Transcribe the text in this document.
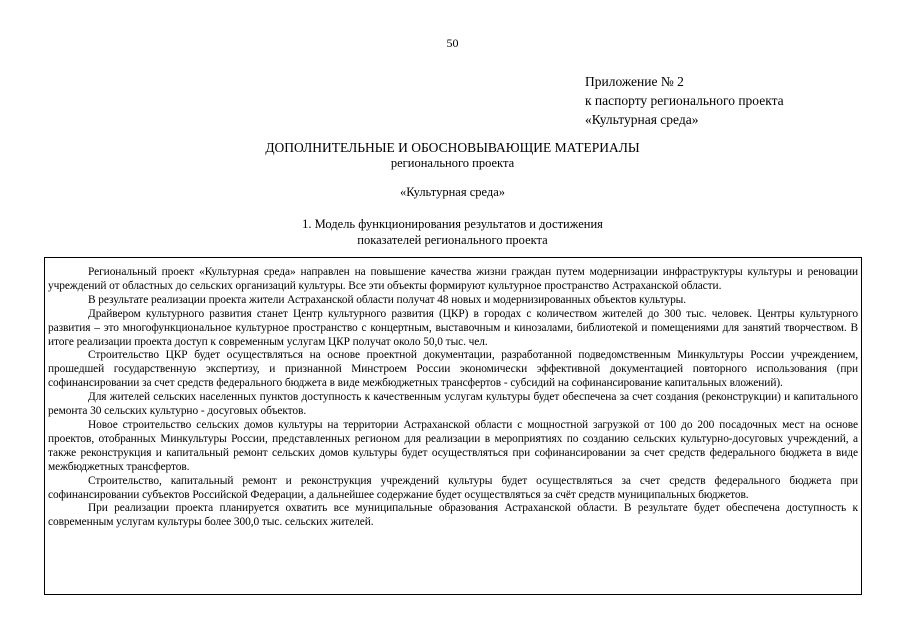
50
Приложение № 2
к паспорту регионального проекта
«Культурная среда»
ДОПОЛНИТЕЛЬНЫЕ И ОБОСНОВЫВАЮЩИЕ МАТЕРИАЛЫ
регионального проекта
«Культурная среда»
1. Модель функционирования результатов и достижения
показателей регионального проекта

Региональный проект «Культурная среда» направлен на повышение качества жизни граждан путем модернизации инфраструктуры культуры и реновации учреждений от областных до сельских организаций культуры. Все эти объекты формируют культурное пространство Астраханской области.

В результате реализации проекта жители Астраханской области получат 48 новых и модернизированных объектов культуры.

Драйвером культурного развития станет Центр культурного развития (ЦКР) в городах с количеством жителей до 300 тыс. человек. Центры культурного развития – это многофункциональное культурное пространство с концертным, выставочным и кинозалами, библиотекой и помещениями для занятий творчеством. В итоге реализации проекта доступ к современным услугам ЦКР получат около 50,0 тыс. чел.

Строительство ЦКР будет осуществляться на основе проектной документации, разработанной подведомственным Минкультуры России учреждением, прошедшей государственную экспертизу, и признанной Минстроем России экономически эффективной документацией повторного использования (при софинансировании за счет средств федерального бюджета в виде межбюджетных трансфертов - субсидий на софинансирование капитальных вложений).

Для жителей сельских населенных пунктов доступность к качественным услугам культуры будет обеспечена за счет создания (реконструкции) и капитального ремонта 30 сельских культурно - досуговых объектов.

Новое строительство сельских домов культуры на территории Астраханской области с мощностной загрузкой от 100 до 200 посадочных мест на основе проектов, отобранных Минкультуры России, представленных регионом для реализации в мероприятиях по созданию сельских культурно-досуговых учреждений, а также реконструкция и капитальный ремонт сельских домов культуры будет осуществляться при софинансировании за счет средств федерального бюджета в виде межбюджетных трансфертов.

Строительство, капитальный ремонт и реконструкция учреждений культуры будет осуществляться за счет средств федерального бюджета при софинансировании субъектов Российской Федерации, а дальнейшее содержание будет осуществляться за счёт средств муниципальных бюджетов.

При реализации проекта планируется охватить все муниципальные образования Астраханской области. В результате будет обеспечена доступность к современным услугам культуры более 300,0 тыс. сельских жителей.
